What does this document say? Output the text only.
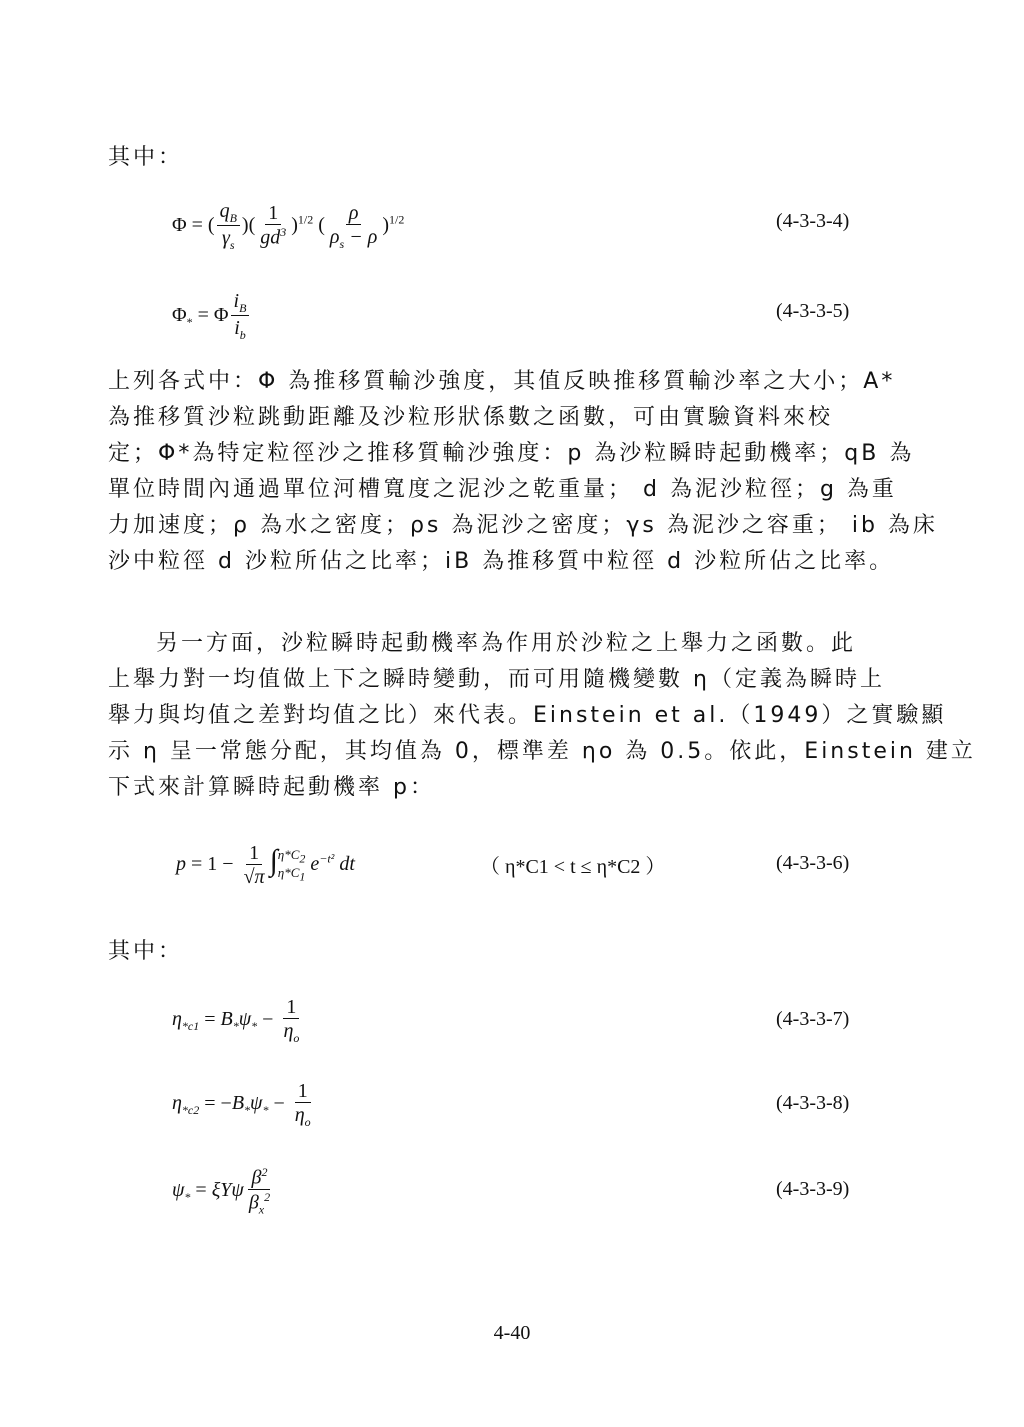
其中：
Φ = ( $\frac{q_B}{\gamma_s}$ )( $\frac{1}{gd^3} )^{1/2}$ ( $\frac{\rho}{\rho_s - \rho} )^{1/2}$	(4-3-3-4)
$\Phi_* = \Phi \frac{i_B}{i_b}$	(4-3-3-5)
上列各式中：Φ 為推移質輸沙強度，其值反映推移質輸沙率之大小；A*
為推移質沙粒跳動距離及沙粒形狀係數之函數，可由實驗資料來校
定；Φ*為特定粒徑沙之推移質輸沙強度：p 為沙粒瞬時起動機率；qB 為
單位時間內通過單位河槽寬度之泥沙之乾重量； d 為泥沙粒徑；g 為重
力加速度；ρ 為水之密度；ρs 為泥沙之密度；γs 為泥沙之容重； ib 為床
沙中粒徑 d 沙粒所佔之比率；iB 為推移質中粒徑 d 沙粒所佔之比率。
另一方面，沙粒瞬時起動機率為作用於沙粒之上舉力之函數。此
上舉力對一均值做上下之瞬時變動，而可用隨機變數 η（定義為瞬時上
舉力與均值之差對均值之比）來代表。Einstein et al.（1949）之實驗顯
示 η 呈一常態分配，其均值為 0，標準差 ηo 為 0.5。依此，Einstein 建立
下式來計算瞬時起動機率 p：
$p = 1 - \frac{1}{√\pi}$ ∫ $\eta*C_2$
$\eta*C_1$
$e^{-t^2}$ dt	（ η*C1 < t ≤ η*C2 ）	(4-3-3-6)
其中：
$\eta_{*c1} = B_*\psi_* - \frac{1}{\eta_o}$	(4-3-3-7)
$\eta_{*c2} = -B_*\psi_* - \frac{1}{\eta_o}$	(4-3-3-8)
$\psi_* = \xi Y\psi \frac{\beta^2}{\beta_x^2}$	(4-3-3-9)
4-40
